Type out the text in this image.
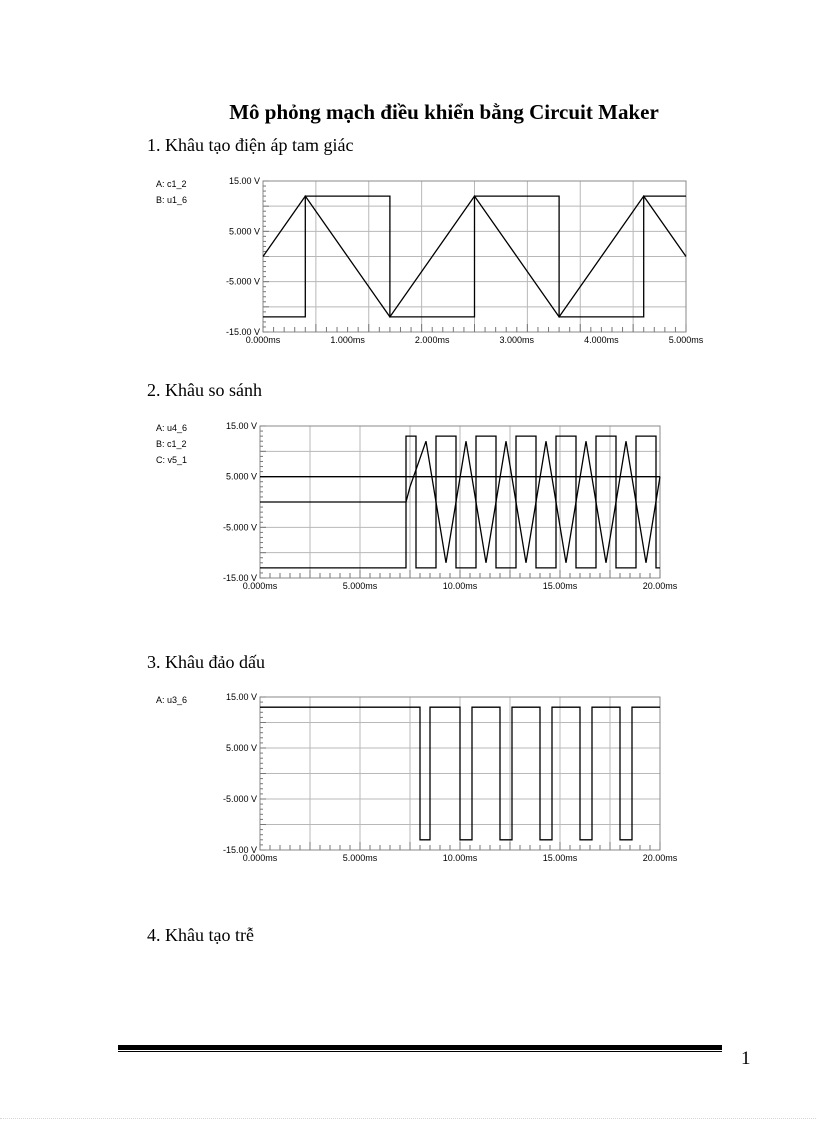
Mô phỏng mạch điều khiển bằng Circuit Maker
1. Khâu tạo điện áp tam giác
15.00 V
5.000 V
-5.000 V
-15.00 V
0.000ms	1.000ms	2.000ms	3.000ms	4.000ms	5.000ms
A: c1_2
B: u1_6
2. Khâu so sánh
15.00 V
5.000 V
-5.000 V
-15.00 V
0.000ms	5.000ms	10.00ms	15.00ms	20.00ms
A: u4_6
B: c1_2
C: v5_1
3. Khâu đảo dấu
15.00 V
5.000 V
-5.000 V
-15.00 V
0.000ms	5.000ms	10.00ms	15.00ms	20.00ms
A: u3_6
4. Khâu tạo trễ
1
